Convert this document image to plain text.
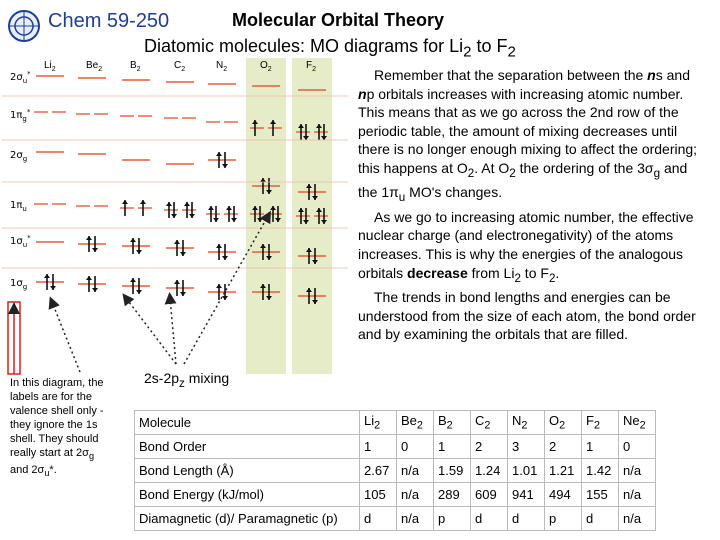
Chem 59-250	Molecular Orbital Theory
Diatomic molecules: MO diagrams for $Li_2$ to $F_2$
$Li_2$	$Be_2$	$B_2$	$C_2$	$N_2$	$O_2$	$F_2$
$2\sigma_u^*$
$1\pi_g^*$
$2\sigma_g$
$1\pi_u$
$1\sigma_u^*$
$1\sigma_g$
In this diagram, the labels are for the valence shell only - they ignore the 1s shell. They should really start at $2\sigma_g$ and $2\sigma_u*$.
$2s-2p_z$ mixing

Remember that the separation between the ns and np orbitals increases with increasing atomic number. This means that as we go across the 2nd row of the periodic table, the amount of mixing decreases until there is no longer enough mixing to affect the ordering; this happens at $O_2$. At $O_2$ the ordering of the $3\sigma_g$ and the $1\pi_u$ MO's changes.

As we go to increasing atomic number, the effective nuclear charge (and electronegativity) of the atoms increases. This is why the energies of the analogous orbitals decrease from $Li_2$ to $F_2$.

The trends in bond lengths and energies can be understood from the size of each atom, the bond order and by examining the orbitals that are filled.

Molecule	$Li_2$	$Be_2$	$B_2$	$C_2$	$N_2$	$O_2$	$F_2$	$Ne_2$
Bond Order	1	0	1	2	3	2	1	0
Bond Length (Å)	2.67	n/a	1.59	1.24	1.01	1.21	1.42	n/a
Bond Energy (kJ/mol)	105	n/a	289	609	941	494	155	n/a
Diamagnetic (d)/ Paramagnetic (p)	d	n/a	p	d	d	p	d	n/a
